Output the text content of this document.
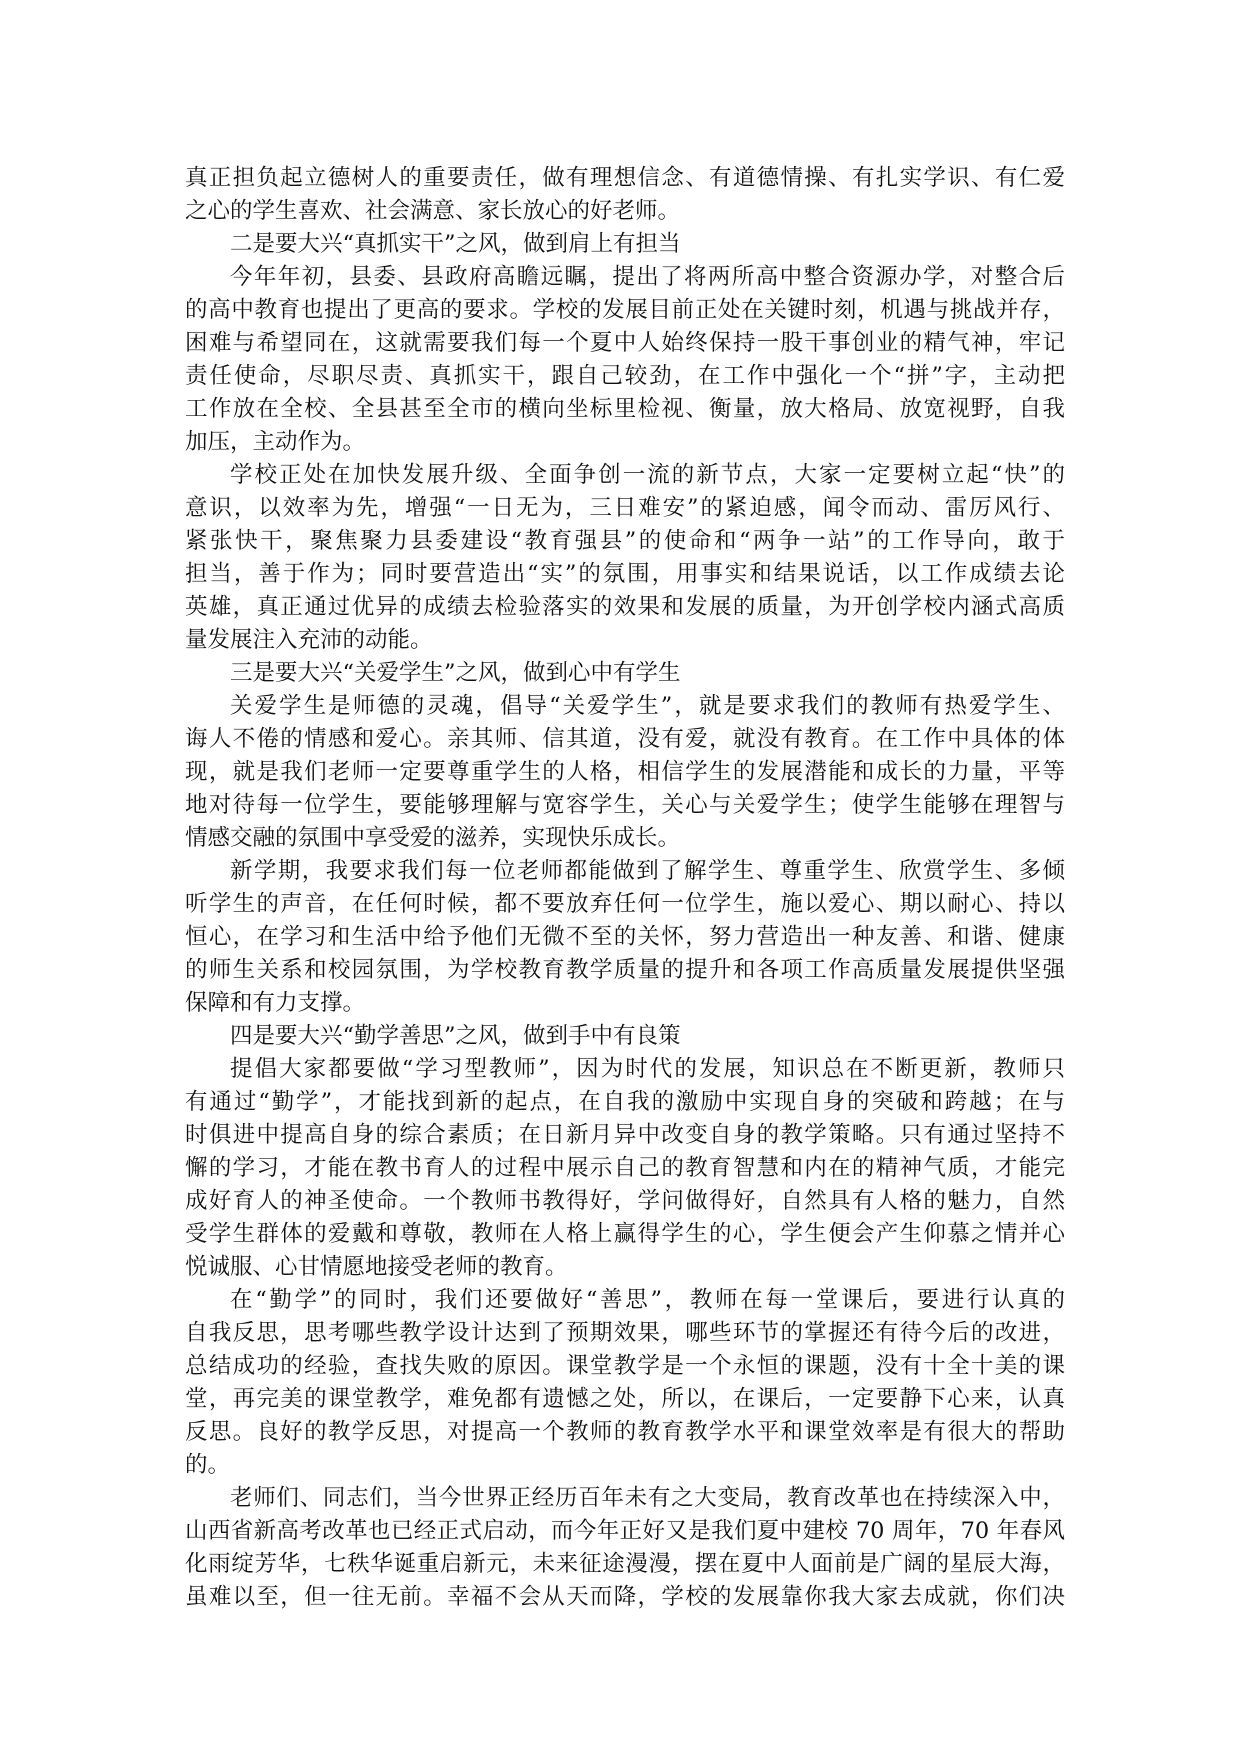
真正担负起立德树人的重要责任，做有理想信念、有道德情操、有扎实学识、有仁爱
之心的学生喜欢、社会满意、家长放心的好老师。
二是要大兴“真抓实干”之风，做到肩上有担当
今年年初，县委、县政府高瞻远瞩，提出了将两所高中整合资源办学，对整合后
的高中教育也提出了更高的要求。学校的发展目前正处在关键时刻，机遇与挑战并存，
困难与希望同在，这就需要我们每一个夏中人始终保持一股干事创业的精气神，牢记
责任使命，尽职尽责、真抓实干，跟自己较劲，在工作中强化一个“拼”字，主动把
工作放在全校、全县甚至全市的横向坐标里检视、衡量，放大格局、放宽视野，自我
加压，主动作为。
学校正处在加快发展升级、全面争创一流的新节点，大家一定要树立起“快”的
意识，以效率为先，增强“一日无为，三日难安”的紧迫感，闻令而动、雷厉风行、
紧张快干，聚焦聚力县委建设“教育强县”的使命和“两争一站”的工作导向，敢于
担当，善于作为；同时要营造出“实”的氛围，用事实和结果说话，以工作成绩去论
英雄，真正通过优异的成绩去检验落实的效果和发展的质量，为开创学校内涵式高质
量发展注入充沛的动能。
三是要大兴“关爱学生”之风，做到心中有学生
关爱学生是师德的灵魂，倡导“关爱学生”，就是要求我们的教师有热爱学生、
诲人不倦的情感和爱心。亲其师、信其道，没有爱，就没有教育。在工作中具体的体
现，就是我们老师一定要尊重学生的人格，相信学生的发展潜能和成长的力量，平等
地对待每一位学生，要能够理解与宽容学生，关心与关爱学生；使学生能够在理智与
情感交融的氛围中享受爱的滋养，实现快乐成长。
新学期，我要求我们每一位老师都能做到了解学生、尊重学生、欣赏学生、多倾
听学生的声音，在任何时候，都不要放弃任何一位学生，施以爱心、期以耐心、持以
恒心，在学习和生活中给予他们无微不至的关怀，努力营造出一种友善、和谐、健康
的师生关系和校园氛围，为学校教育教学质量的提升和各项工作高质量发展提供坚强
保障和有力支撑。
四是要大兴“勤学善思”之风，做到手中有良策
提倡大家都要做“学习型教师”，因为时代的发展，知识总在不断更新，教师只
有通过“勤学”，才能找到新的起点，在自我的激励中实现自身的突破和跨越；在与
时俱进中提高自身的综合素质；在日新月异中改变自身的教学策略。只有通过坚持不
懈的学习，才能在教书育人的过程中展示自己的教育智慧和内在的精神气质，才能完
成好育人的神圣使命。一个教师书教得好，学问做得好，自然具有人格的魅力，自然
受学生群体的爱戴和尊敬，教师在人格上赢得学生的心，学生便会产生仰慕之情并心
悦诚服、心甘情愿地接受老师的教育。
在“勤学”的同时，我们还要做好“善思”，教师在每一堂课后，要进行认真的
自我反思，思考哪些教学设计达到了预期效果，哪些环节的掌握还有待今后的改进，
总结成功的经验，查找失败的原因。课堂教学是一个永恒的课题，没有十全十美的课
堂，再完美的课堂教学，难免都有遗憾之处，所以，在课后，一定要静下心来，认真
反思。良好的教学反思，对提高一个教师的教育教学水平和课堂效率是有很大的帮助
的。
老师们、同志们，当今世界正经历百年未有之大变局，教育改革也在持续深入中，
山西省新高考改革也已经正式启动，而今年正好又是我们夏中建校 70 周年，70 年春风
化雨绽芳华，七秩华诞重启新元，未来征途漫漫，摆在夏中人面前是广阔的星辰大海，
虽难以至，但一往无前。幸福不会从天而降，学校的发展靠你我大家去成就，你们决
